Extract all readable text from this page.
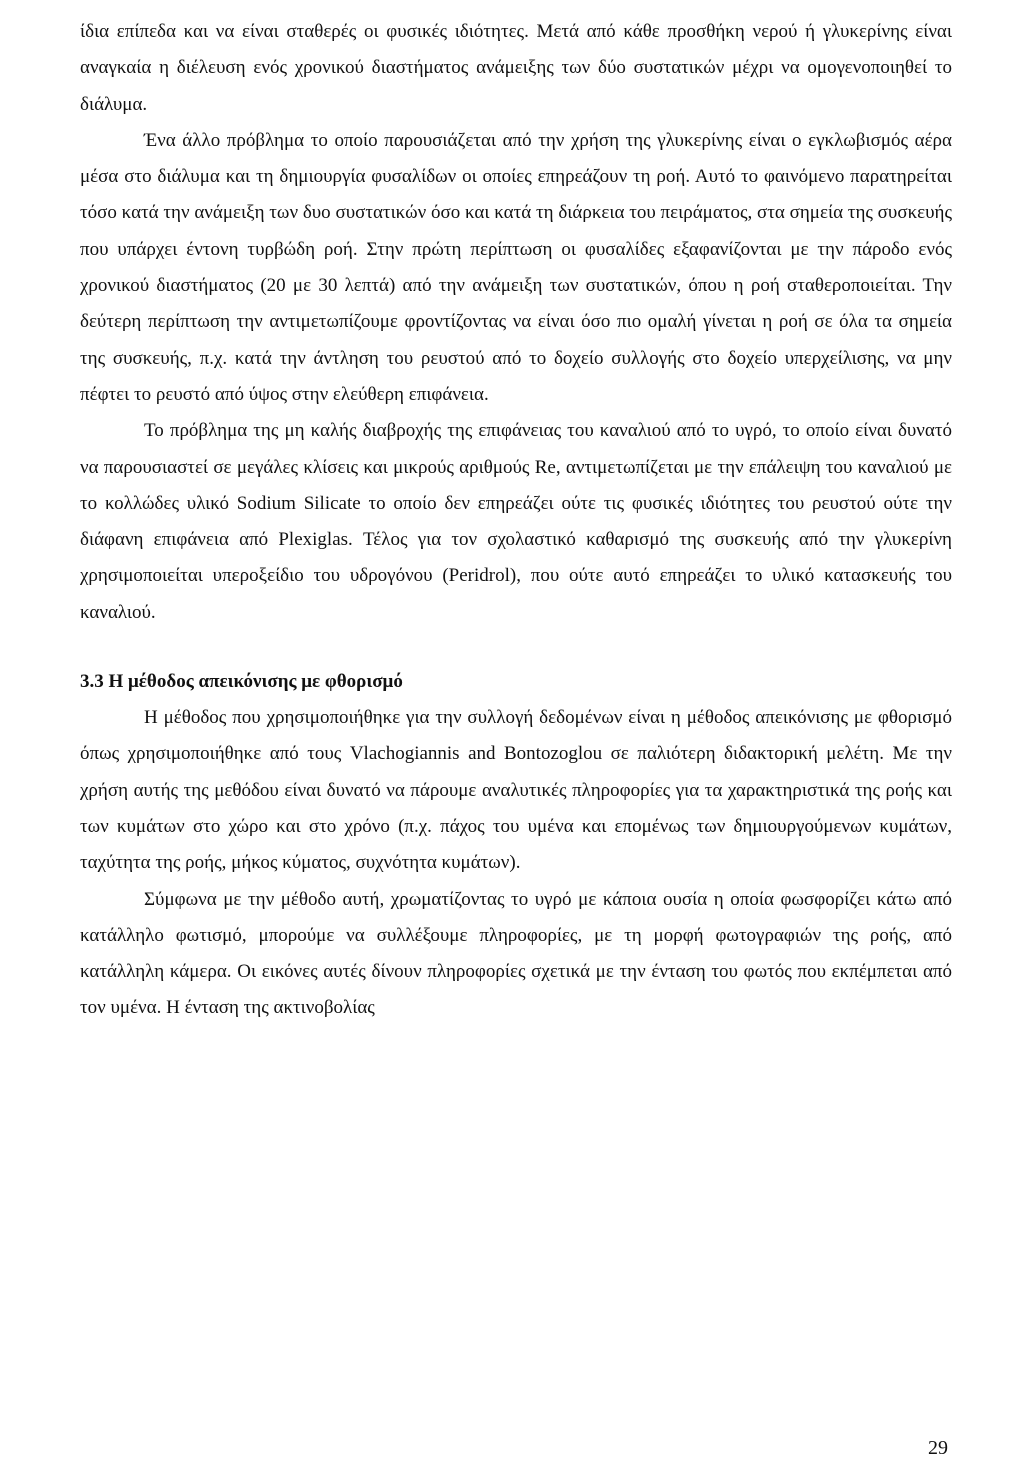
ίδια επίπεδα και να είναι σταθερές οι φυσικές ιδιότητες. Μετά από κάθε προσθήκη νερού ή γλυκερίνης είναι αναγκαία η διέλευση ενός χρονικού διαστήματος ανάμειξης των δύο συστατικών μέχρι να ομογενοποιηθεί το διάλυμα.

Ένα άλλο πρόβλημα το οποίο παρουσιάζεται από την χρήση της γλυκερίνης είναι ο εγκλωβισμός αέρα μέσα στο διάλυμα και τη δημιουργία φυσαλίδων οι οποίες επηρεάζουν τη ροή. Αυτό το φαινόμενο παρατηρείται τόσο κατά την ανάμειξη των δυο συστατικών όσο και κατά τη διάρκεια του πειράματος, στα σημεία της συσκευής που υπάρχει έντονη τυρβώδη ροή. Στην πρώτη περίπτωση οι φυσαλίδες εξαφανίζονται με την πάροδο ενός χρονικού διαστήματος (20 με 30 λεπτά) από την ανάμειξη των συστατικών, όπου η ροή σταθεροποιείται. Την δεύτερη περίπτωση την αντιμετωπίζουμε φροντίζοντας να είναι όσο πιο ομαλή γίνεται η ροή σε όλα τα σημεία της συσκευής, π.χ. κατά την άντληση του ρευστού από το δοχείο συλλογής στο δοχείο υπερχείλισης, να μην πέφτει το ρευστό από ύψος στην ελεύθερη επιφάνεια.

Το πρόβλημα της μη καλής διαβροχής της επιφάνειας του καναλιού από το υγρό, το οποίο είναι δυνατό να παρουσιαστεί σε μεγάλες κλίσεις και μικρούς αριθμούς Re, αντιμετωπίζεται με την επάλειψη του καναλιού με το κολλώδες υλικό Sodium Silicate το οποίο δεν επηρεάζει ούτε τις φυσικές ιδιότητες του ρευστού ούτε την διάφανη επιφάνεια από Plexiglas. Τέλος για τον σχολαστικό καθαρισμό της συσκευής από την γλυκερίνη χρησιμοποιείται υπεροξείδιο του υδρογόνου (Peridrol), που ούτε αυτό επηρεάζει το υλικό κατασκευής του καναλιού.

3.3 Η μέθοδος απεικόνισης με φθορισμό

Η μέθοδος που χρησιμοποιήθηκε για την συλλογή δεδομένων είναι η μέθοδος απεικόνισης με φθορισμό όπως χρησιμοποιήθηκε από τους Vlachogiannis and Bontozoglou σε παλιότερη διδακτορική μελέτη. Με την χρήση αυτής της μεθόδου είναι δυνατό να πάρουμε αναλυτικές πληροφορίες για τα χαρακτηριστικά της ροής και των κυμάτων στο χώρο και στο χρόνο (π.χ. πάχος του υμένα και επομένως των δημιουργούμενων κυμάτων, ταχύτητα της ροής, μήκος κύματος, συχνότητα κυμάτων).

Σύμφωνα με την μέθοδο αυτή, χρωματίζοντας το υγρό με κάποια ουσία η οποία φωσφορίζει κάτω από κατάλληλο φωτισμό, μπορούμε να συλλέξουμε πληροφορίες, με τη μορφή φωτογραφιών της ροής, από κατάλληλη κάμερα. Οι εικόνες αυτές δίνουν πληροφορίες σχετικά με την ένταση του φωτός που εκπέμπεται από τον υμένα. Η ένταση της ακτινοβολίας

29
